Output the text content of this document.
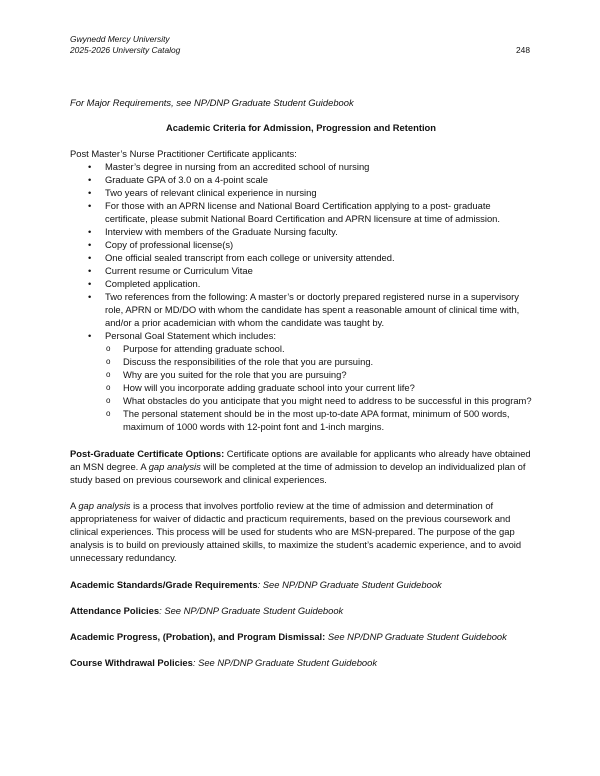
Gwynedd Mercy University
2025-2026 University Catalog	248

For Major Requirements, see NP/DNP Graduate Student Guidebook

Academic Criteria for Admission, Progression and Retention

Post Master’s Nurse Practitioner Certificate applicants:

• Master’s degree in nursing from an accredited school of nursing
• Graduate GPA of 3.0 on a 4-point scale
• Two years of relevant clinical experience in nursing
• For those with an APRN license and National Board Certification applying to a post- graduate certificate, please submit National Board Certification and APRN licensure at time of admission.
• Interview with members of the Graduate Nursing faculty.
• Copy of professional license(s)
• One official sealed transcript from each college or university attended.
• Current resume or Curriculum Vitae
• Completed application.
• Two references from the following: A master’s or doctorly prepared registered nurse in a supervisory role, APRN or MD/DO with whom the candidate has spent a reasonable amount of clinical time with, and/or a prior academician with whom the candidate was taught by.
• Personal Goal Statement which includes:
o Purpose for attending graduate school.
o Discuss the responsibilities of the role that you are pursuing.
o Why are you suited for the role that you are pursuing?
o How will you incorporate adding graduate school into your current life?
o What obstacles do you anticipate that you might need to address to be successful in this program?
o The personal statement should be in the most up-to-date APA format, minimum of 500 words, maximum of 1000 words with 12-point font and 1-inch margins.

Post-Graduate Certificate Options: Certificate options are available for applicants who already have obtained an MSN degree. A gap analysis will be completed at the time of admission to develop an individualized plan of study based on previous coursework and clinical experiences.

A gap analysis is a process that involves portfolio review at the time of admission and determination of appropriateness for waiver of didactic and practicum requirements, based on the previous coursework and clinical experiences. This process will be used for students who are MSN-prepared. The purpose of the gap analysis is to build on previously attained skills, to maximize the student’s academic experience, and to avoid unnecessary redundancy.

Academic Standards/Grade Requirements: See NP/DNP Graduate Student Guidebook

Attendance Policies: See NP/DNP Graduate Student Guidebook

Academic Progress, (Probation), and Program Dismissal: See NP/DNP Graduate Student Guidebook

Course Withdrawal Policies: See NP/DNP Graduate Student Guidebook
